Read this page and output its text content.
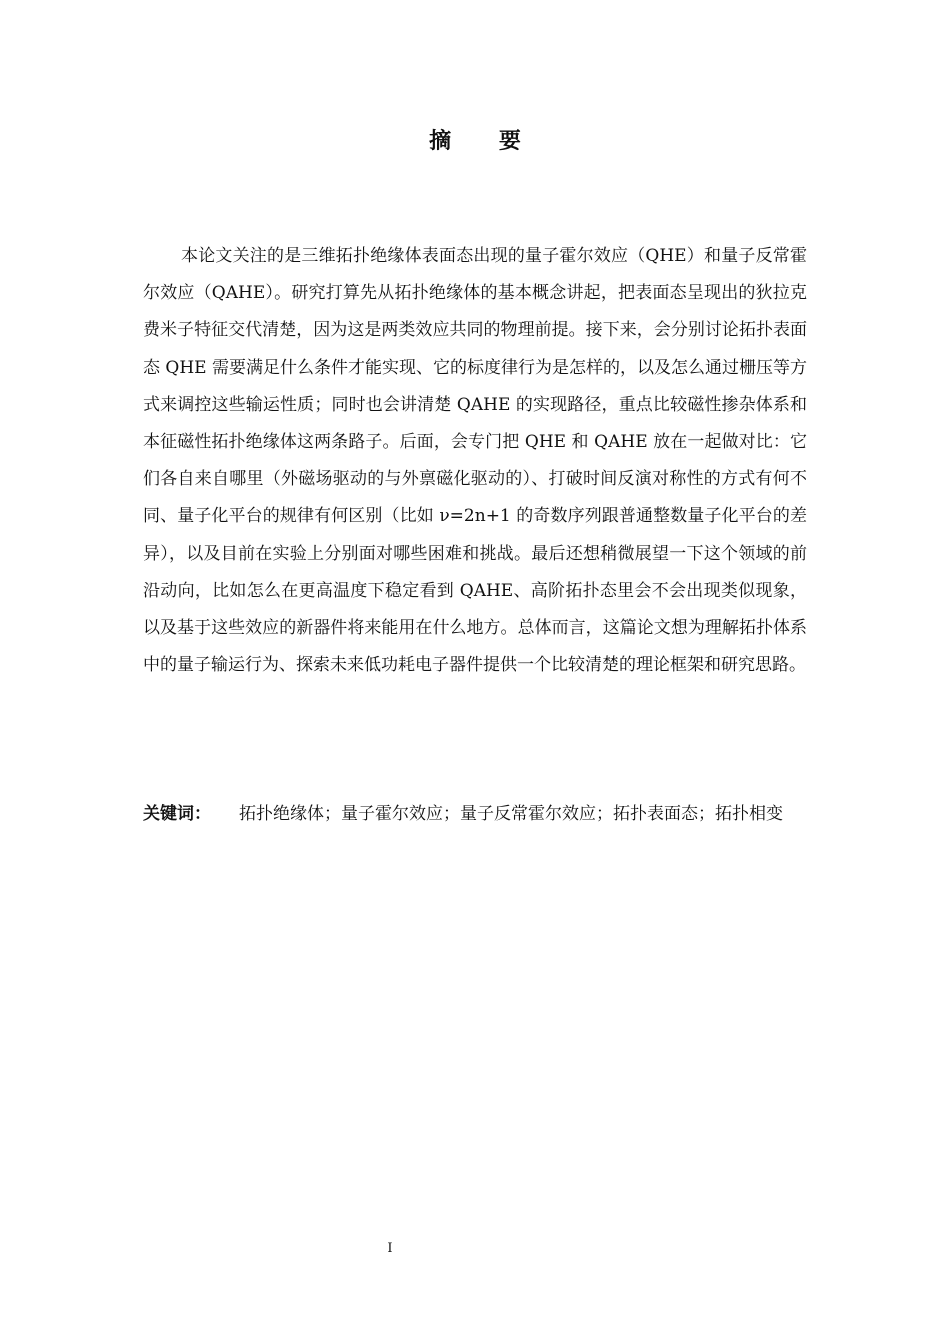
摘 要

本论文关注的是三维拓扑绝缘体表面态出现的量子霍尔效应（QHE）和量子反常霍尔效应（QAHE）。研究打算先从拓扑绝缘体的基本概念讲起，把表面态呈现出的狄拉克费米子特征交代清楚，因为这是两类效应共同的物理前提。接下来，会分别讨论拓扑表面态 QHE 需要满足什么条件才能实现、它的标度律行为是怎样的，以及怎么通过栅压等方式来调控这些输运性质；同时也会讲清楚 QAHE 的实现路径，重点比较磁性掺杂体系和本征磁性拓扑绝缘体这两条路子。后面，会专门把 QHE 和 QAHE 放在一起做对比：它们各自来自哪里（外磁场驱动的与外禀磁化驱动的）、打破时间反演对称性的方式有何不同、量子化平台的规律有何区别（比如 ν=2n+1 的奇数序列跟普通整数量子化平台的差异），以及目前在实验上分别面对哪些困难和挑战。最后还想稍微展望一下这个领域的前沿动向，比如怎么在更高温度下稳定看到 QAHE、高阶拓扑态里会不会出现类似现象，以及基于这些效应的新器件将来能用在什么地方。总体而言，这篇论文想为理解拓扑体系中的量子输运行为、探索未来低功耗电子器件提供一个比较清楚的理论框架和研究思路。

关键词： 拓扑绝缘体；量子霍尔效应；量子反常霍尔效应；拓扑表面态；拓扑相变

I
